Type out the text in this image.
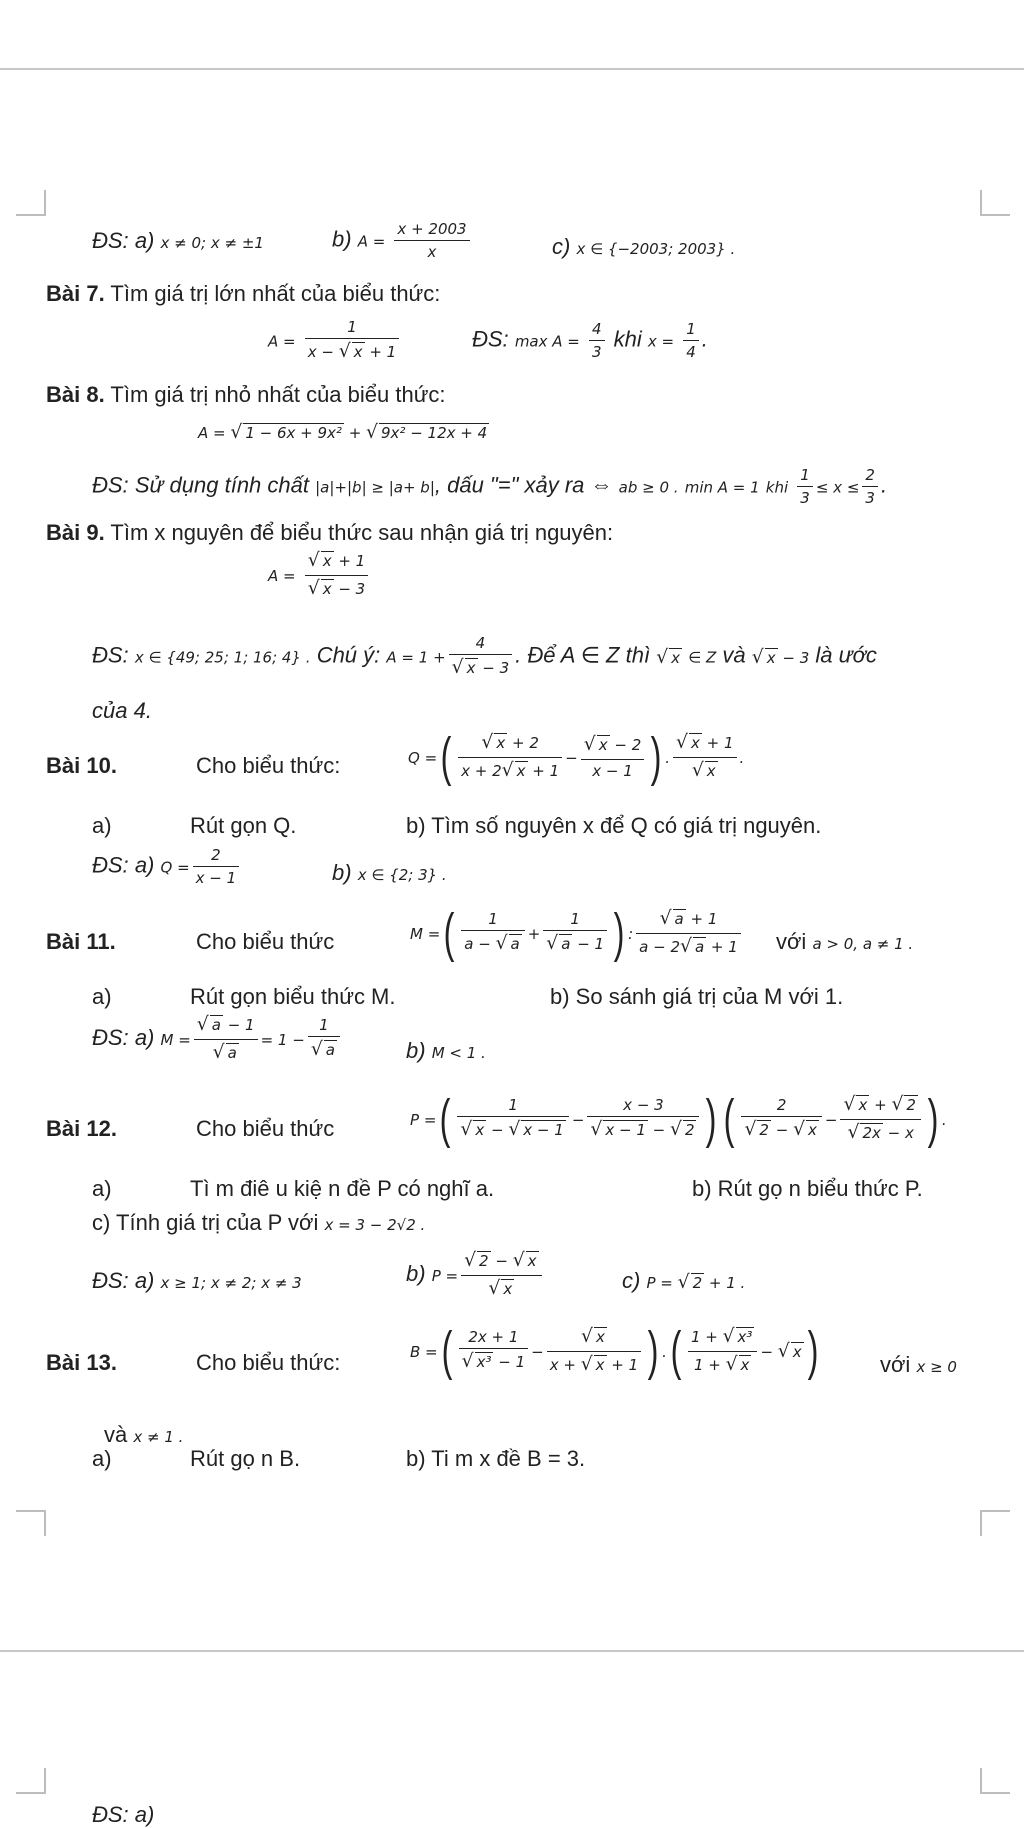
ĐS: a) x ≠ 0; x ≠ ±1	b) $A = \frac{x + 2003}{x}$	c) x ∈ {−2003; 2003} .
Bài 7. Tìm giá trị lớn nhất của biểu thức:
$A = \frac{1}{x - √ x + 1}$	ĐS: $\max A = \frac{4}{3}$ khi $x = \frac{1}{4}$ .
Bài 8. Tìm giá trị nhỏ nhất của biểu thức:
A = √ 1 − 6x + 9x² + √ 9x² − 12x + 4
ĐS: Sử dụng tính chất |a|+|b| ≥ |a+ b|, dấu "=" xảy ra ⇔ ab ≥ 0 . min A = 1 khi $\frac{1}{3} \le x \le \frac{2}{3}$ .
Bài 9. Tìm x nguyên để biểu thức sau nhận giá trị nguyên:
$A = \frac{√ x + 1}{√ x - 3}$
ĐS: x ∈ {49; 25; 1; 16; 4} . Chú ý: $A = 1 + \frac{4}{√ x - 3}$ . Để A ∈ Z thì √ x ∈ Z và √ x − 3 là ước
của 4.
Bài 10.	Cho biểu thức:	Q =( $\frac{√ x + 2}{x + 2√ x + 1} - \frac{√ x - 2}{x - 1}$ ) . $\frac{√ x + 1}{√ x}$ .
a)	Rút gọn Q.	b) Tìm số nguyên x để Q có giá trị nguyên.
ĐS: a) $Q = \frac{2}{x - 1}$	b) x ∈ {2; 3} .
Bài 11.	Cho biểu thức	M =( $\frac{1}{a - √ a} + \frac{1}{√ a - 1}$ ) : $\frac{√ a + 1}{a - 2√ a + 1}$ với a > 0, a ≠ 1 .
a)	Rút gọn biểu thức M.	b) So sánh giá trị của M với 1.
ĐS: a) $M = \frac{√ a - 1}{√ a} = 1 - \frac{1}{√ a}$	b) M < 1 .
Bài 12.	Cho biểu thức	P =( $\frac{1}{√ x - √ x - 1} - \frac{x - 3}{√ x - 1 - √ 2}$ ) ( $\frac{2}{√ 2 - √ x} - \frac{√ x + √ 2}{√ 2x - x}$ ) .
a)	Tì m điê u kiệ n đề P có nghĩ a.	b) Rút gọ n biểu thức P.
c) Tính giá trị của P với x = 3 − 2√2 .
ĐS: a) x ≥ 1; x ≠ 2; x ≠ 3	b) $P = \frac{√ 2 - √ x}{√ x}$	c) P = √ 2 + 1 .
Bài 13.	Cho biểu thức:	B =( $\frac{2x + 1}{\text{√ x³ − 1}} - \frac{√ x}{x + √ x + 1}$ ) .( $\frac{\text{1 + √ x³}}{1 + √ x}$ − √ x )	với x ≥ 0
và x ≠ 1 .
a)	Rút gọ n B.	b) Ti m x đề B = 3.
ĐS: a)
